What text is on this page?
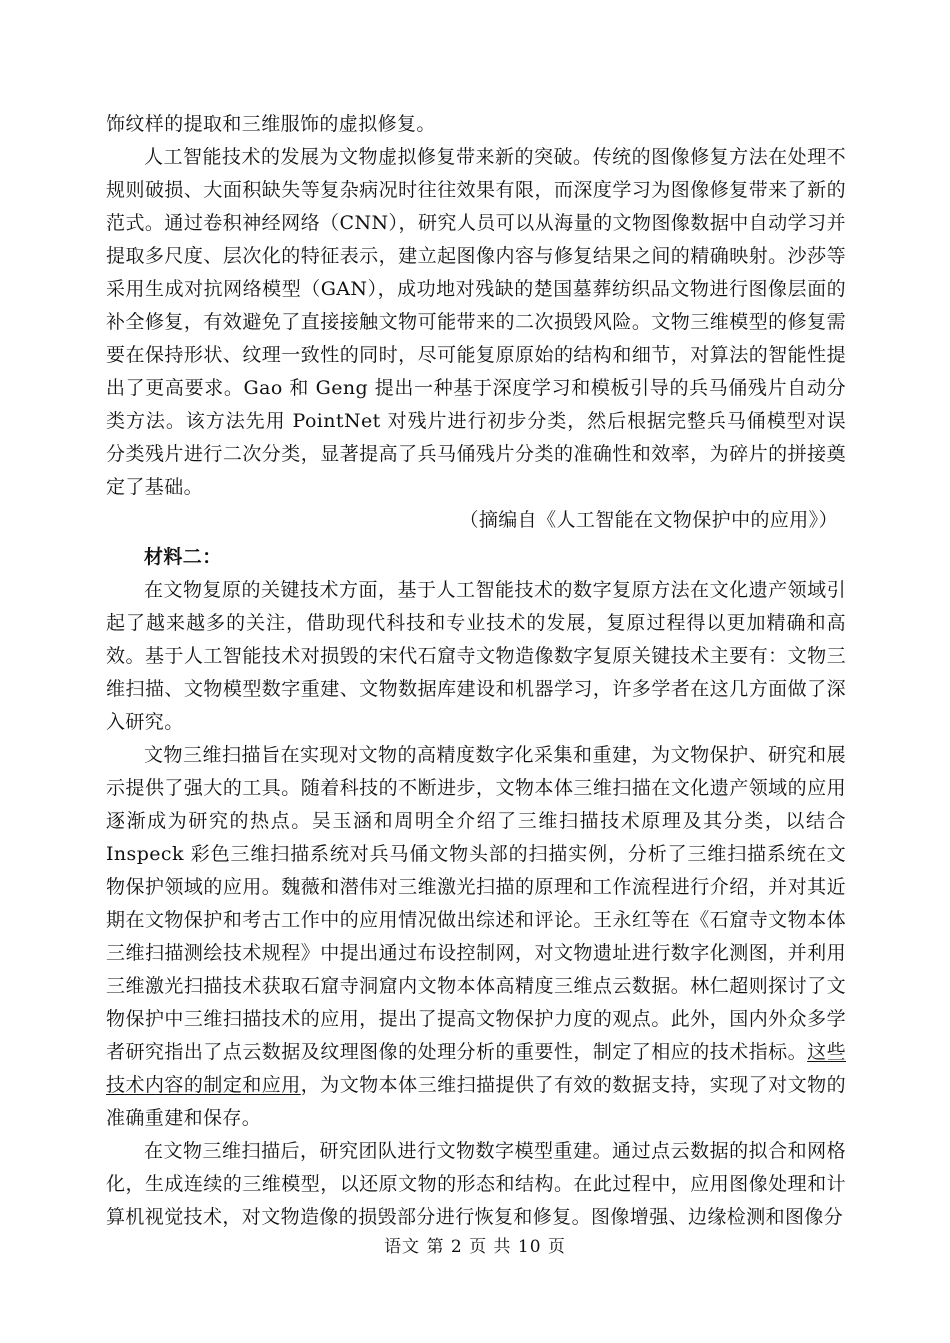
饰纹样的提取和三维服饰的虚拟修复。

人工智能技术的发展为文物虚拟修复带来新的突破。传统的图像修复方法在处理不规则破损、大面积缺失等复杂病况时往往效果有限，而深度学习为图像修复带来了新的范式。通过卷积神经网络（CNN），研究人员可以从海量的文物图像数据中自动学习并提取多尺度、层次化的特征表示，建立起图像内容与修复结果之间的精确映射。沙莎等采用生成对抗网络模型（GAN），成功地对残缺的楚国墓葬纺织品文物进行图像层面的补全修复，有效避免了直接接触文物可能带来的二次损毁风险。文物三维模型的修复需要在保持形状、纹理一致性的同时，尽可能复原原始的结构和细节，对算法的智能性提出了更高要求。Gao 和 Geng 提出一种基于深度学习和模板引导的兵马俑残片自动分类方法。该方法先用 PointNet 对残片进行初步分类，然后根据完整兵马俑模型对误分类残片进行二次分类，显著提高了兵马俑残片分类的准确性和效率，为碎片的拼接奠定了基础。

（摘编自《人工智能在文物保护中的应用》）

材料二：

在文物复原的关键技术方面，基于人工智能技术的数字复原方法在文化遗产领域引起了越来越多的关注，借助现代科技和专业技术的发展，复原过程得以更加精确和高效。基于人工智能技术对损毁的宋代石窟寺文物造像数字复原关键技术主要有：文物三维扫描、文物模型数字重建、文物数据库建设和机器学习，许多学者在这几方面做了深入研究。

文物三维扫描旨在实现对文物的高精度数字化采集和重建，为文物保护、研究和展示提供了强大的工具。随着科技的不断进步，文物本体三维扫描在文化遗产领域的应用逐渐成为研究的热点。吴玉涵和周明全介绍了三维扫描技术原理及其分类，以结合 Inspeck 彩色三维扫描系统对兵马俑文物头部的扫描实例，分析了三维扫描系统在文物保护领域的应用。魏薇和潜伟对三维激光扫描的原理和工作流程进行介绍，并对其近期在文物保护和考古工作中的应用情况做出综述和评论。王永红等在《石窟寺文物本体三维扫描测绘技术规程》中提出通过布设控制网，对文物遗址进行数字化测图，并利用三维激光扫描技术获取石窟寺洞窟内文物本体高精度三维点云数据。林仁超则探讨了文物保护中三维扫描技术的应用，提出了提高文物保护力度的观点。此外，国内外众多学者研究指出了点云数据及纹理图像的处理分析的重要性，制定了相应的技术指标。这些技术内容的制定和应用，为文物本体三维扫描提供了有效的数据支持，实现了对文物的准确重建和保存。

在文物三维扫描后，研究团队进行文物数字模型重建。通过点云数据的拟合和网格化，生成连续的三维模型，以还原文物的形态和结构。在此过程中，应用图像处理和计算机视觉技术，对文物造像的损毁部分进行恢复和修复。图像增强、边缘检测和图像分

语文 第 2 页 共 10 页
